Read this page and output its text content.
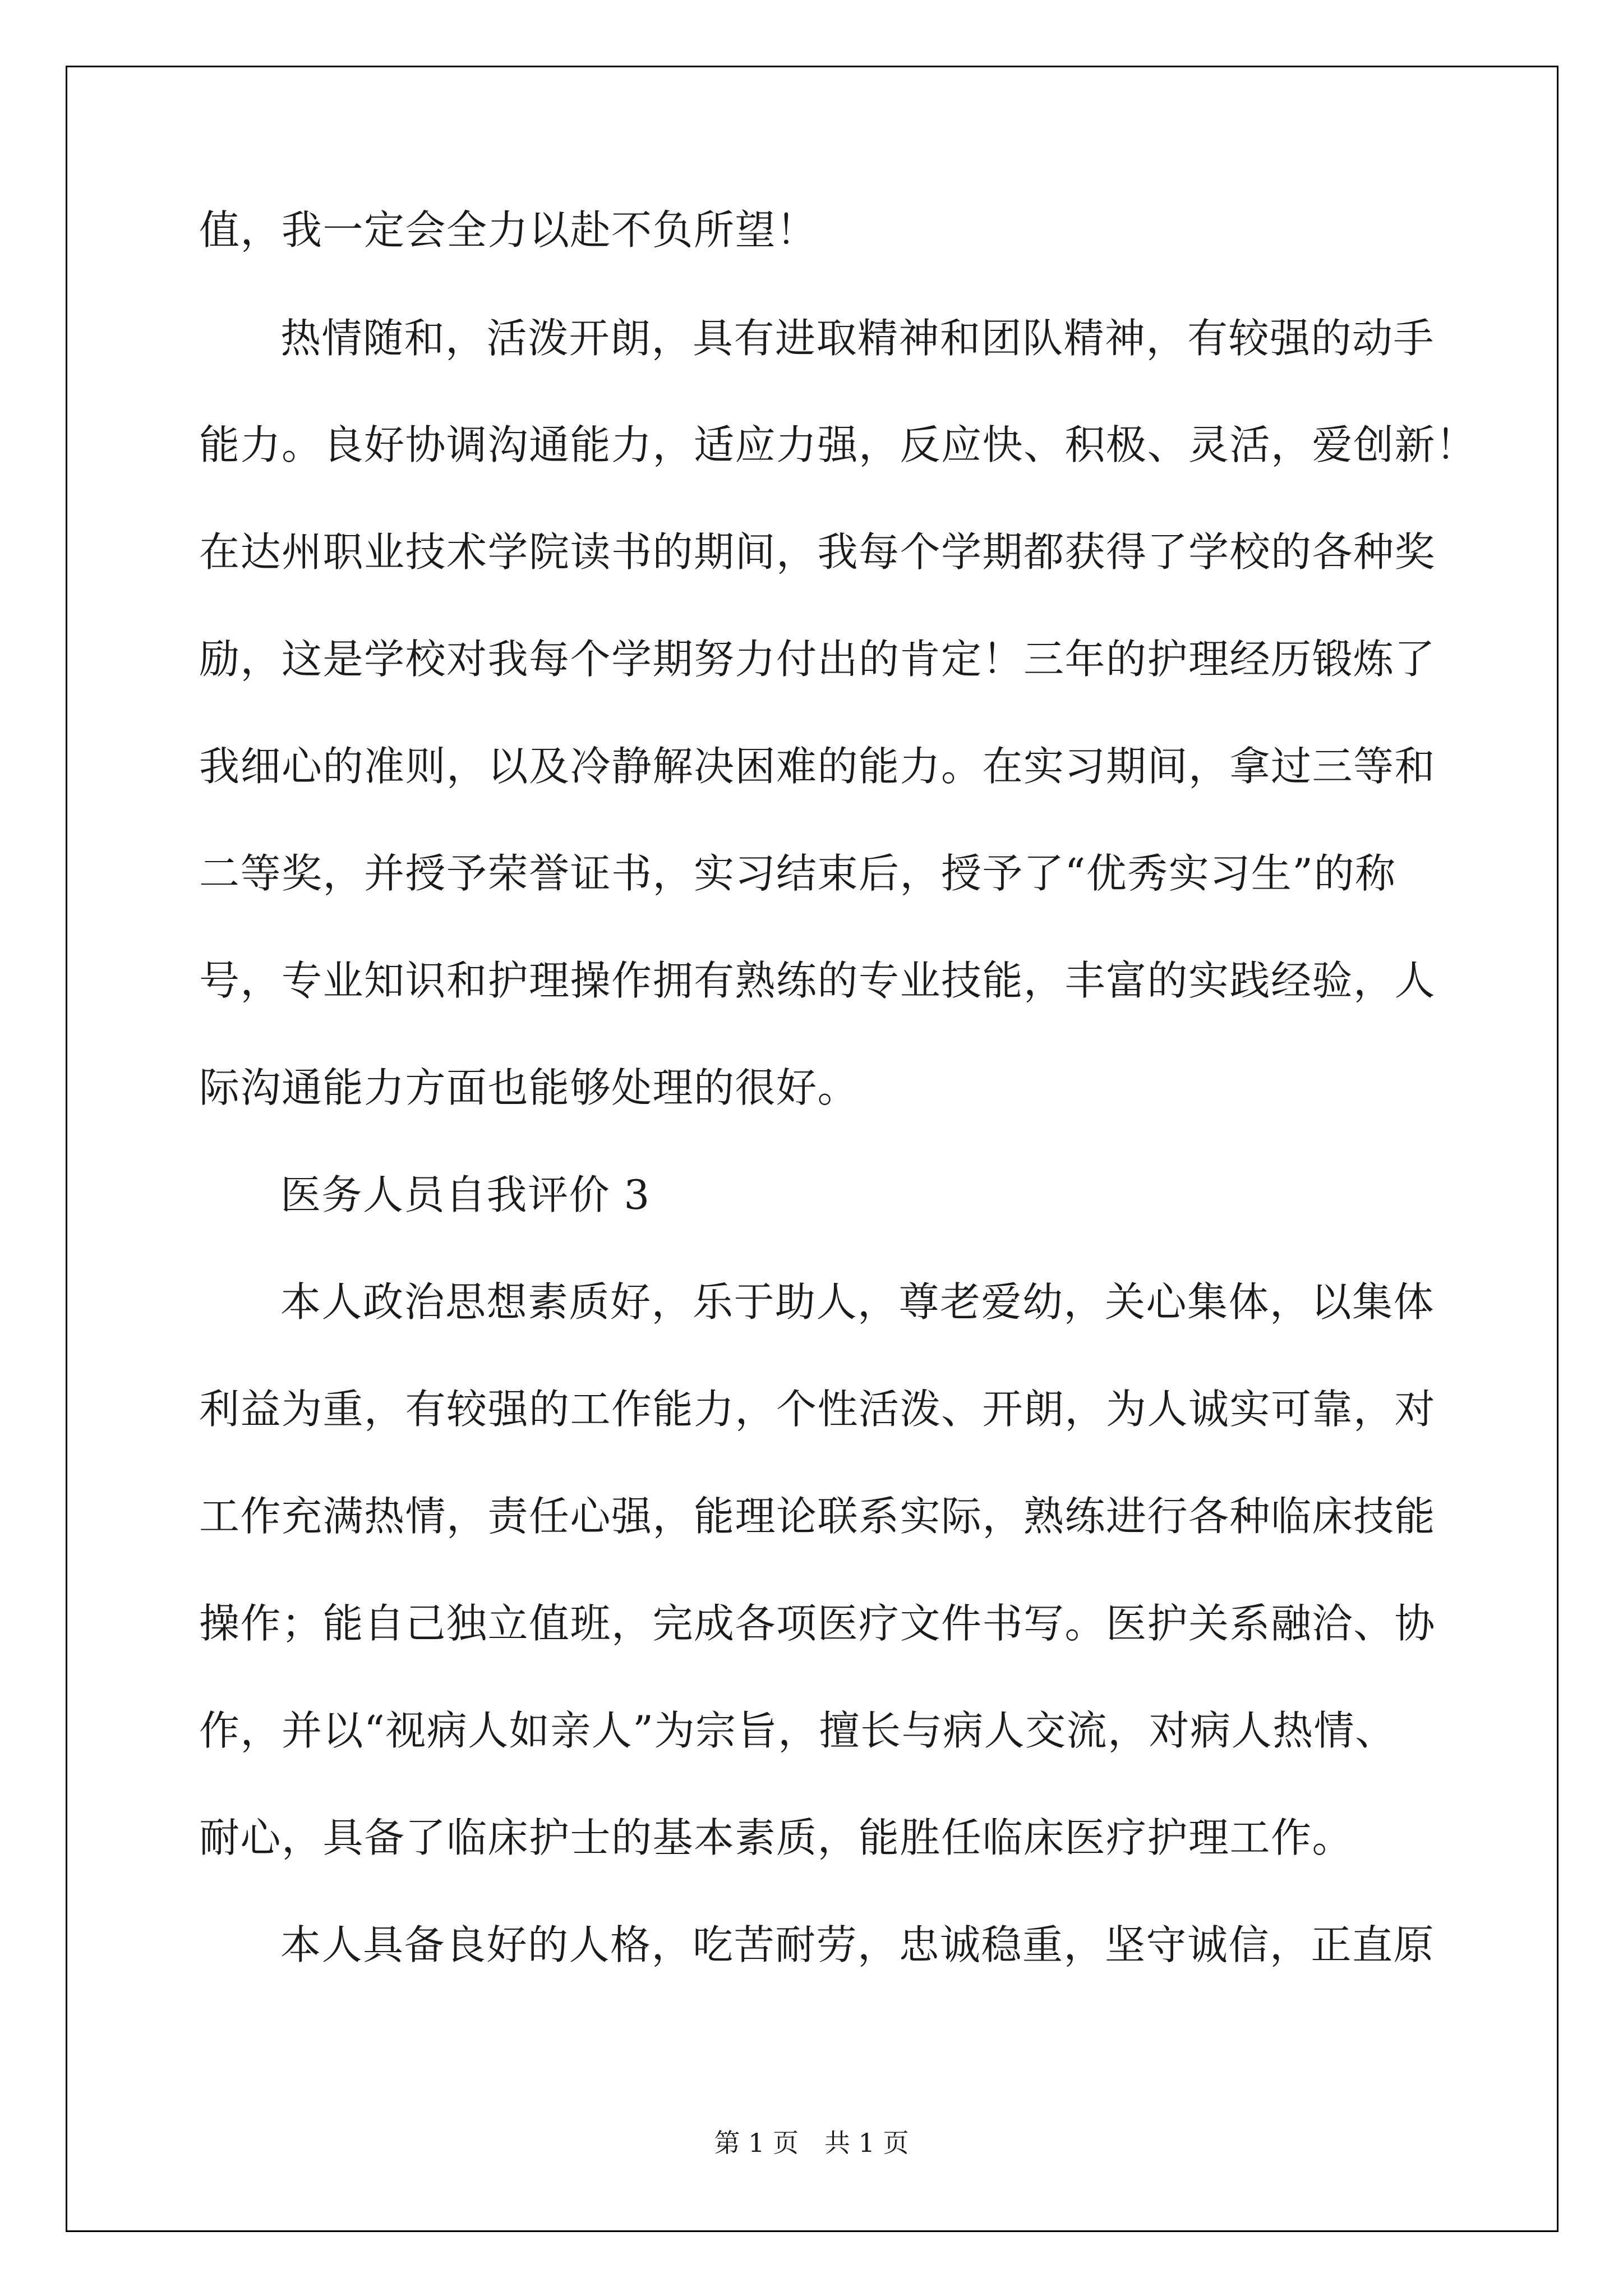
值，我一定会全力以赴不负所望！

热情随和，活泼开朗，具有进取精神和团队精神，有较强的动手

能力。良好协调沟通能力，适应力强，反应快、积极、灵活，爱创新！

在达州职业技术学院读书的期间，我每个学期都获得了学校的各种奖

励，这是学校对我每个学期努力付出的肯定！三年的护理经历锻炼了

我细心的准则，以及冷静解决困难的能力。在实习期间，拿过三等和

二等奖，并授予荣誉证书，实习结束后，授予了“优秀实习生”的称

号，专业知识和护理操作拥有熟练的专业技能，丰富的实践经验，人

际沟通能力方面也能够处理的很好。

医务人员自我评价 3

本人政治思想素质好，乐于助人，尊老爱幼，关心集体，以集体

利益为重，有较强的工作能力，个性活泼、开朗，为人诚实可靠，对

工作充满热情，责任心强，能理论联系实际，熟练进行各种临床技能

操作；能自己独立值班，完成各项医疗文件书写。医护关系融洽、协

作，并以“视病人如亲人”为宗旨，擅长与病人交流，对病人热情、

耐心，具备了临床护士的基本素质，能胜任临床医疗护理工作。

本人具备良好的人格，吃苦耐劳，忠诚稳重，坚守诚信，正直原

第 1 页　共 1 页
